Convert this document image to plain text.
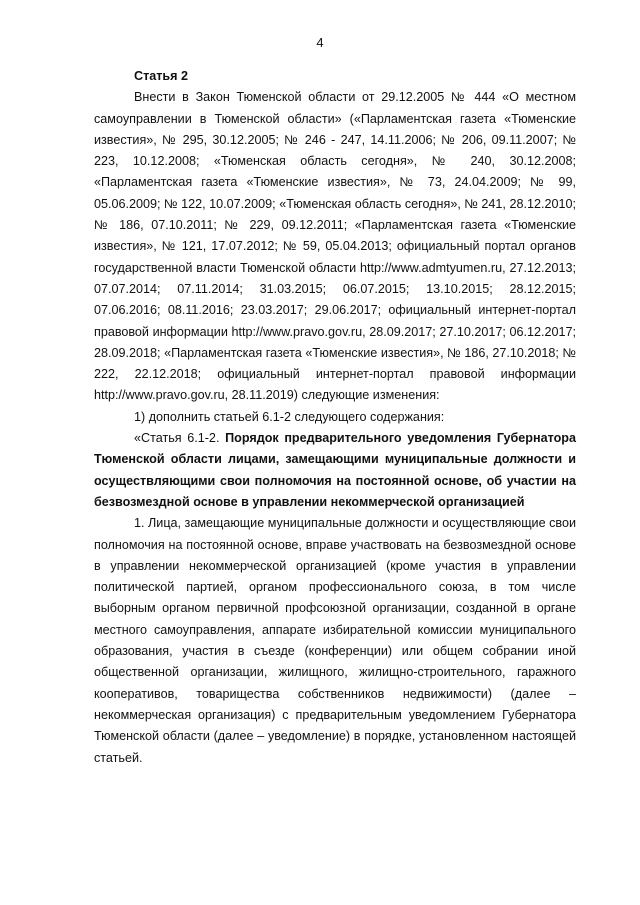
4

Статья 2

Внести в Закон Тюменской области от 29.12.2005 № 444 «О местном самоуправлении в Тюменской области» («Парламентская газета «Тюменские известия», № 295, 30.12.2005; № 246 - 247, 14.11.2006; № 206, 09.11.2007; № 223, 10.12.2008; «Тюменская область сегодня», № 240, 30.12.2008; «Парламентская газета «Тюменские известия», № 73, 24.04.2009; № 99, 05.06.2009; № 122, 10.07.2009; «Тюменская область сегодня», № 241, 28.12.2010; № 186, 07.10.2011; № 229, 09.12.2011; «Парламентская газета «Тюменские известия», № 121, 17.07.2012; № 59, 05.04.2013; официальный портал органов государственной власти Тюменской области http://www.admtyumen.ru, 27.12.2013; 07.07.2014; 07.11.2014; 31.03.2015; 06.07.2015; 13.10.2015; 28.12.2015; 07.06.2016; 08.11.2016; 23.03.2017; 29.06.2017; официальный интернет-портал правовой информации http://www.pravo.gov.ru, 28.09.2017; 27.10.2017; 06.12.2017; 28.09.2018; «Парламентская газета «Тюменские известия», № 186, 27.10.2018; № 222, 22.12.2018; официальный интернет-портал правовой информации http://www.pravo.gov.ru, 28.11.2019) следующие изменения:

1) дополнить статьей 6.1-2 следующего содержания:

«Статья 6.1-2. Порядок предварительного уведомления Губернатора Тюменской области лицами, замещающими муниципальные должности и осуществляющими свои полномочия на постоянной основе, об участии на безвозмездной основе в управлении некоммерческой организацией

1. Лица, замещающие муниципальные должности и осуществляющие свои полномочия на постоянной основе, вправе участвовать на безвозмездной основе в управлении некоммерческой организацией (кроме участия в управлении политической партией, органом профессионального союза, в том числе выборным органом первичной профсоюзной организации, созданной в органе местного самоуправления, аппарате избирательной комиссии муниципального образования, участия в съезде (конференции) или общем собрании иной общественной организации, жилищного, жилищно-строительного, гаражного кооперативов, товарищества собственников недвижимости) (далее – некоммерческая организация) с предварительным уведомлением Губернатора Тюменской области (далее – уведомление) в порядке, установленном настоящей статьей.
